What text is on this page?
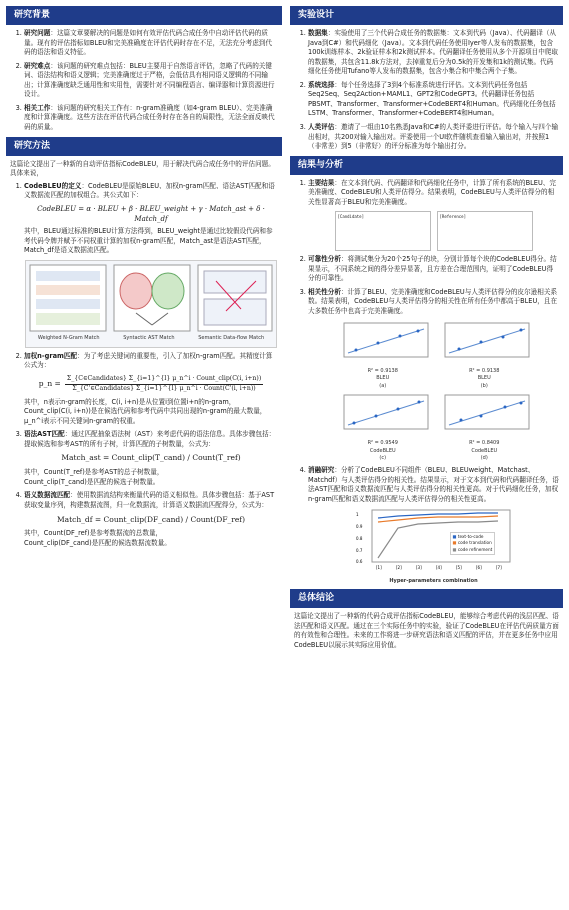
研究背景
1. 研究问题：这篇文章要解决的问题是如何有效评估代码合成任务中自动评估代码的质量。现有的评估指标如BLEU和完美准确度在评估代码时存在不足，无法充分考虑到代码的语法和语义特征。
2. 研究难点：该问题的研究难点包括：BLEU主要用于自然语言评估，忽略了代码的关键词、语法结构和语义逻辑；完美准确度过于严格，会低估具有相同语义逻辑的不同输出；计算准确度缺乏通用性和实用性，需要针对不同编程语言、编译器和计算资源进行设计。
3. 相关工作：该问题的研究相关工作有：n-gram准确度（如4-gram BLEU）、完美准确度和计算准确度。这些方法在评估代码合成任务时存在各自的局限性，无法全面反映代码的质量。
研究方法

这篇论文提出了一种新的自动评估指标CodeBLEU，用于解决代码合成任务中的评估问题。具体来说，

1. CodeBLEU的定义：CodeBLEU是原始BLEU、加权n-gram匹配、语法AST匹配和语义数据流匹配的加权组合。其公式如下：
CodeBLEU = α · BLEU + β · BLEU_weight + γ · Match_ast + δ · Match_df

其中，BLEU通过标准的BLEU计算方法得到，BLEU_weight是通过比较假设代码和参考代码令牌并赋予不同权重计算的加权n-gram匹配，Match_ast是语法AST匹配，Match_df是语义数据流匹配。

Weighted N-Gram Match	Syntactic AST Match	Semantic Data-flow Match
2. 加权n-gram匹配：为了考虑关键词的重要性，引入了加权n-gram匹配。其精度计算公式为：
p_n =
Σ_{C∈Candidates} Σ_{i=1}^{l} μ_n^i · Count_clip(C(i, i+n))
Σ_{C'∈Candidates} Σ_{i=1}^{l} μ_n^i · Count(C'(i, i+n))

其中，n表示n-gram的长度，C(i, i+n)是从位置i到位置i+n的n-gram，Count_clip(C(i, i+n))是在候选代码和参考代码中共同出现的n-gram的最大数量，μ_n^i表示不同关键词n-gram的权重。

3. 语法AST匹配：通过匹配抽象语法树（AST）来考虑代码的语法信息。具体步骤包括：提取候选和参考AST的所有子树，计算匹配的子树数量，公式为：
Match_ast = Count_clip(T_cand) / Count(T_ref)

其中，Count(T_ref)是参考AST的总子树数量，

Count_clip(T_cand)是匹配的候选子树数量。

4. 语义数据流匹配：使用数据流结构来衡量代码的语义相似性。具体步骤包括：基于AST获取变量序列，构建数据流图，归一化数据流，计算语义数据流匹配得分，公式为：
Match_df = Count_clip(DF_cand) / Count(DF_ref)

其中，Count(DF_ref)是参考数据流的总数量，

Count_clip(DF_cand)是匹配的候选数据流数量。

实验设计
1. 数据集：实验使用了三个代码合成任务的数据集：文本到代码（Java）、代码翻译（从Java到C#）和代码细化（Java）。文本到代码任务使用Iyer等人发布的数据集，包含100k训练样本、2k验证样本和2k测试样本。代码翻译任务使用从多个开源项目中爬取的数据集，共包含11.8k方法对，去掉重复后分为0.5k的开发集和1k的测试集。代码细化任务使用Tufano等人发布的数据集，包含小集合和中集合两个子集。
2. 系统选择：每个任务选择了3到4个标准系统进行评估。文本到代码任务包括Seq2Seq、Seq2Action+MAML1、GPT2和CodeGPT3。代码翻译任务包括PBSMT、Transformer、Transformer+CodeBERT4和Human。代码细化任务包括LSTM、Transformer、Transformer+CodeBERT4和Human。
3. 人类评估：邀请了一组由10名熟悉Java和C#的人类评委进行评估。每个输入与四个输出相对，共200对输入输出对。评委使用一个UI软件随机查看输入输出对，并按照1（非常差）到5（非常好）的评分标准为每个输出打分。
结果与分析
1. 主要结果：在文本到代码、代码翻译和代码细化任务中，计算了所有系统的BLEU、完美准确度、CodeBLEU和人类评估得分。结果表明，CodeBLEU与人类评估得分的相关性显著高于BLEU和完美准确度。
[Candidate]	[Reference]
2. 可靠性分析：将测试集分为20个25句子的块，分别计算每个块的CodeBLEU得分。结果显示，不同系统之间的得分差异显著，且方差在合理范围内，证明了CodeBLEU得分的可靠性。
3. 相关性分析：计算了BLEU、完美准确度和CodeBLEU与人类评估得分的皮尔逊相关系数。结果表明，CodeBLEU与人类评估得分的相关性在所有任务中都高于BLEU，且在大多数任务中也高于完美准确度。
R² = 0.9138
BLEU
(a)
R² = 0.9138
BLEU
(b)
R² = 0.9549
CodeBLEU
(c)
R² = 0.8409
CodeBLEU
(d)
4. 消融研究：分析了CodeBLEU不同组件（BLEU、BLEUweight、Matchast、Matchdf）与人类评估得分的相关性。结果显示，对于文本到代码和代码翻译任务，语法AST匹配和语义数据流匹配与人类评估得分的相关性更高。对于代码细化任务，加权n-gram匹配和语义数据流匹配与人类评估得分的相关性更高。
1
0.9
0.8
0.7
0.6
[1]	[2]	[3]	[4]	[5]	[6]	[7]
■ text-to-code
■ code translation
■ code refinement
Hyper-parameters combination
总体结论

这篇论文提出了一种新的代码合成评估指标CodeBLEU，能够综合考虑代码的浅层匹配、语法匹配和语义匹配。通过在三个实际任务中的实验，验证了CodeBLEU在评估代码质量方面的有效性和合理性。未来的工作将进一步研究语法和语义匹配的评估，并在更多任务中应用CodeBLEU以展示其实际应用价值。
